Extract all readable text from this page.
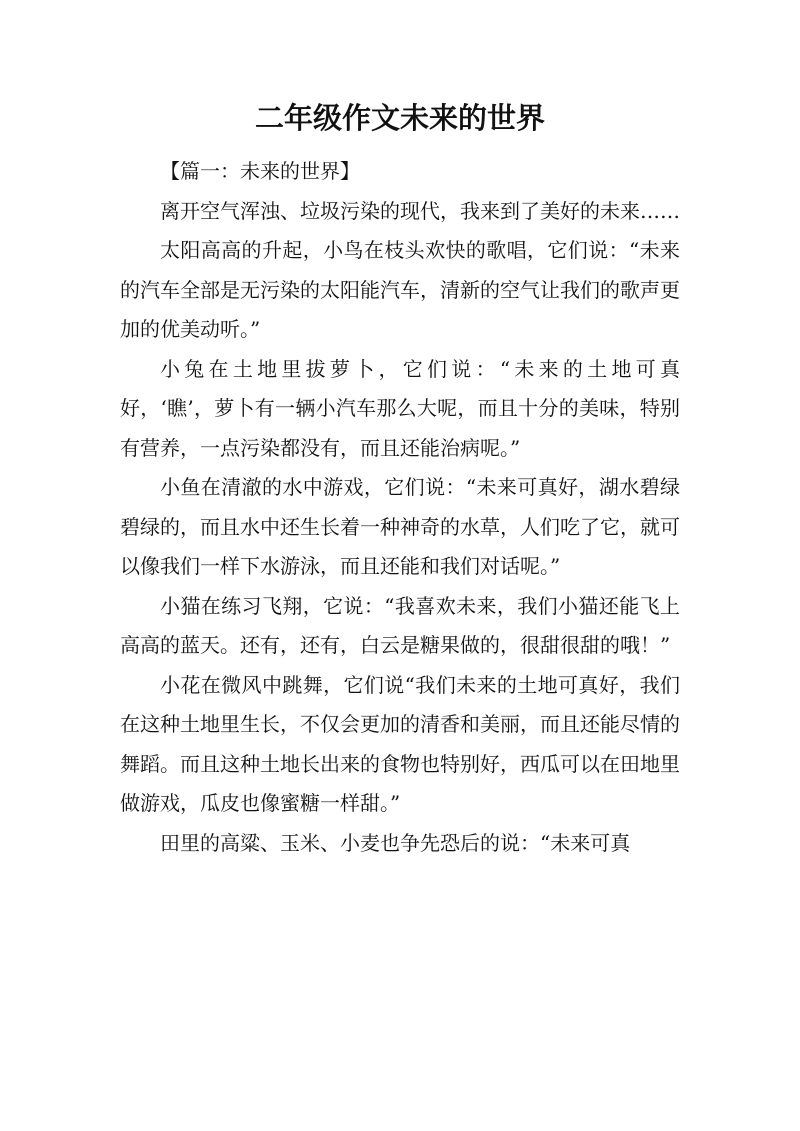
二年级作文未来的世界

【篇一：未来的世界】

离开空气浑浊、垃圾污染的现代，我来到了美好的未来……

太阳高高的升起，小鸟在枝头欢快的歌唱，它们说：“未来的汽车全部是无污染的太阳能汽车，清新的空气让我们的歌声更加的优美动听。”

小兔在土地里拔萝卜，它们说：“未来的土地可真好，‘瞧’，萝卜有一辆小汽车那么大呢，而且十分的美味，特别有营养，一点污染都没有，而且还能治病呢。”

小鱼在清澈的水中游戏，它们说：“未来可真好，湖水碧绿碧绿的，而且水中还生长着一种神奇的水草，人们吃了它，就可以像我们一样下水游泳，而且还能和我们对话呢。”

小猫在练习飞翔，它说：“我喜欢未来，我们小猫还能飞上高高的蓝天。还有，还有，白云是糖果做的，很甜很甜的哦！”

小花在微风中跳舞，它们说“我们未来的土地可真好，我们在这种土地里生长，不仅会更加的清香和美丽，而且还能尽情的舞蹈。而且这种土地长出来的食物也特别好，西瓜可以在田地里做游戏，瓜皮也像蜜糖一样甜。”

田里的高粱、玉米、小麦也争先恐后的说：“未来可真
